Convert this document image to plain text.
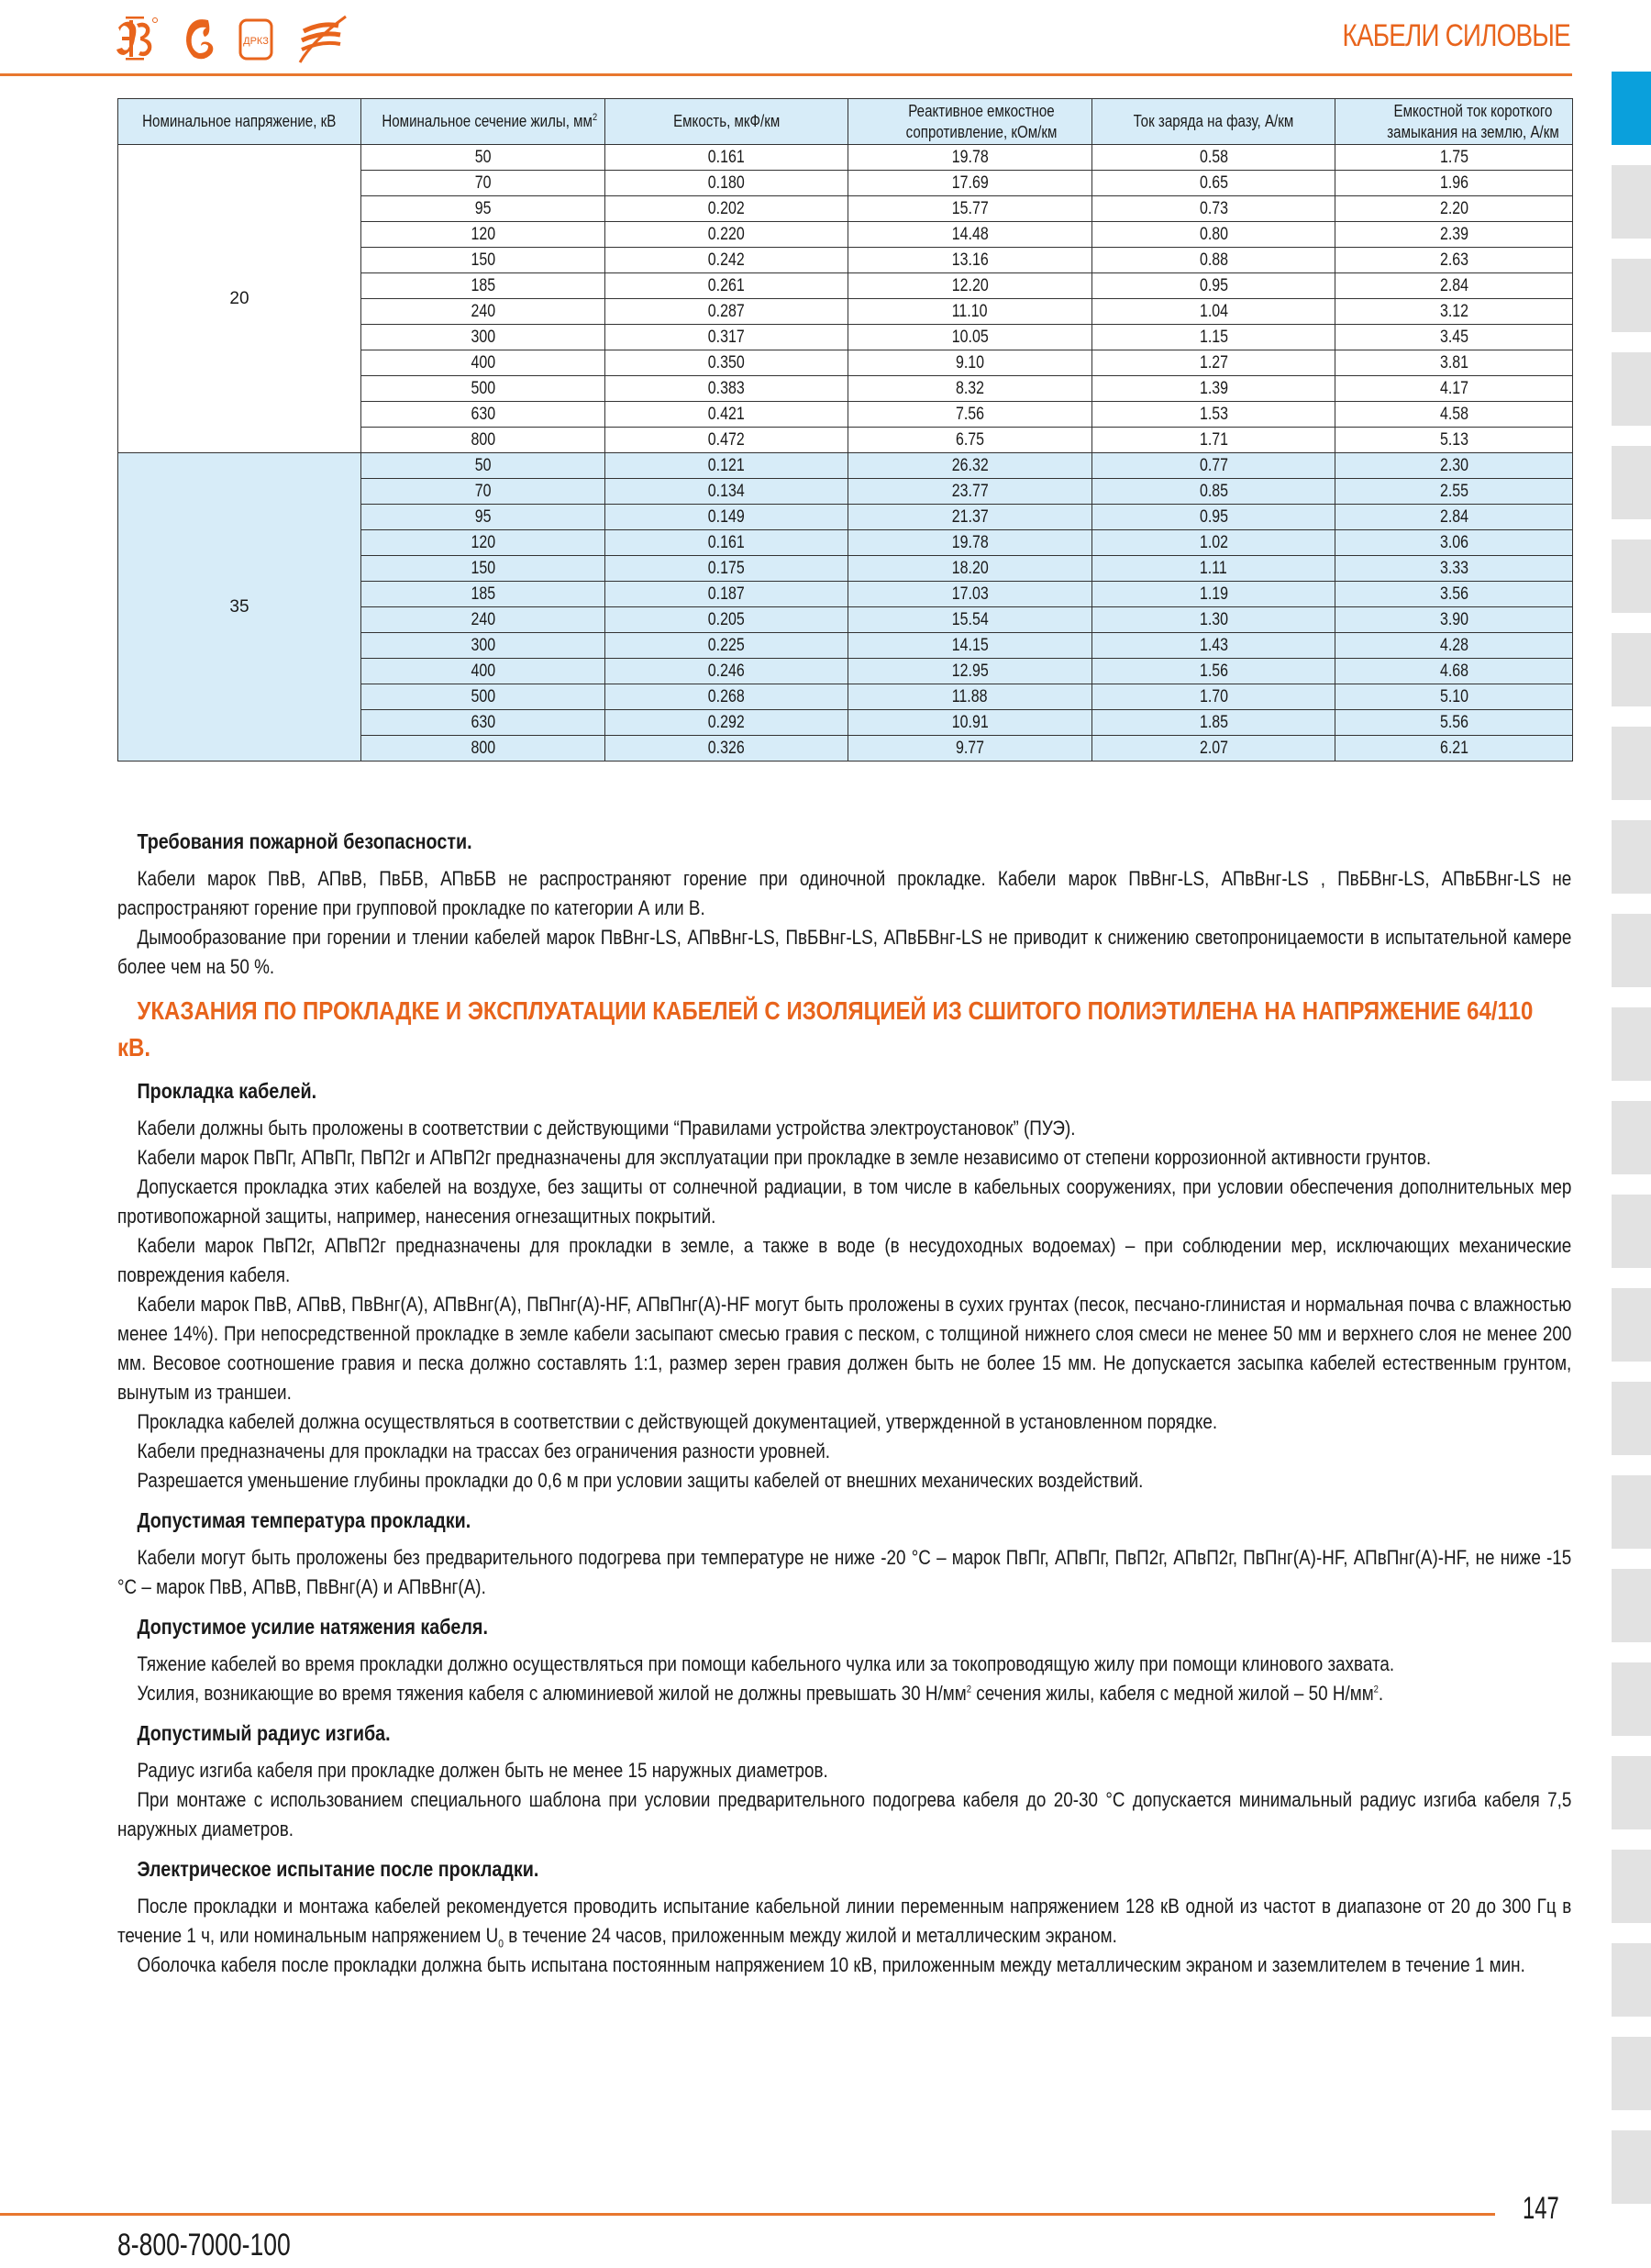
ДРКЗ	КАБЕЛИ СИЛОВЫЕ
Номинальное напряжение, кВ	Номинальное сечение жилы, $мм^2$	Емкость, мкФ/км	Реактивное емкостное сопротивление, кОм/км	Ток заряда на фазу, А/км	Емкостной ток короткого замыкания на землю, А/км
20	50	0.161	19.78	0.58	1.75
	70	0.180	17.69	0.65	1.96
	95	0.202	15.77	0.73	2.20
	120	0.220	14.48	0.80	2.39
	150	0.242	13.16	0.88	2.63
	185	0.261	12.20	0.95	2.84
	240	0.287	11.10	1.04	3.12
	300	0.317	10.05	1.15	3.45
	400	0.350	9.10	1.27	3.81
	500	0.383	8.32	1.39	4.17
	630	0.421	7.56	1.53	4.58
	800	0.472	6.75	1.71	5.13
35	50	0.121	26.32	0.77	2.30
	70	0.134	23.77	0.85	2.55
	95	0.149	21.37	0.95	2.84
	120	0.161	19.78	1.02	3.06
	150	0.175	18.20	1.11	3.33
	185	0.187	17.03	1.19	3.56
	240	0.205	15.54	1.30	3.90
	300	0.225	14.15	1.43	4.28
	400	0.246	12.95	1.56	4.68
	500	0.268	11.88	1.70	5.10
	630	0.292	10.91	1.85	5.56
	800	0.326	9.77	2.07	6.21

Требования пожарной безопасности.

Кабели марок ПвВ, АПвВ, ПвБВ, АПвБВ не распространяют горение при одиночной прокладке. Кабели марок ПвВнг-LS, АПвВнг-LS , ПвБВнг-LS, АПвБВнг-LS не распространяют горение при групповой прокладке по категории А или В.

Дымообразование при горении и тлении кабелей марок ПвВнг-LS, АПвВнг-LS, ПвБВнг-LS, АПвБВнг-LS не приводит к снижению светопроницаемости в испытательной камере более чем на 50 %.

УКАЗАНИЯ ПО ПРОКЛАДКЕ И ЭКСПЛУАТАЦИИ КАБЕЛЕЙ С ИЗОЛЯЦИЕЙ ИЗ СШИТОГО ПОЛИЭТИЛЕНА НА НАПРЯЖЕНИЕ 64/110 кВ.

Прокладка кабелей.

Кабели должны быть проложены в соответствии с действующими “Правилами устройства электроустановок” (ПУЭ).

Кабели марок ПвПг, АПвПг, ПвП2г и АПвП2г предназначены для эксплуатации при прокладке в земле независимо от степени коррозионной активности грунтов.

Допускается прокладка этих кабелей на воздухе, без защиты от солнечной радиации, в том числе в кабельных сооружениях, при условии обеспечения дополнительных мер противопожарной защиты, например, нанесения огнезащитных покрытий.

Кабели марок ПвП2г, АПвП2г предназначены для прокладки в земле, а также в воде (в несудоходных водоемах) – при соблюдении мер, исключающих механические повреждения кабеля.

Кабели марок ПвВ, АПвВ, ПвВнг(А), АПвВнг(А), ПвПнг(А)-HF, АПвПнг(А)-HF могут быть проложены в сухих грунтах (песок, песчано-глинистая и нормальная почва с влажностью менее 14%). При непосредственной прокладке в земле кабели засыпают смесью гравия с песком, с толщиной нижнего слоя смеси не менее 50 мм и верхнего слоя не менее 200 мм. Весовое соотношение гравия и песка должно составлять 1:1, размер зерен гравия должен быть не более 15 мм. Не допускается засыпка кабелей естественным грунтом, вынутым из траншеи.

Прокладка кабелей должна осуществляться в соответствии с действующей документацией, утвержденной в установленном порядке.

Кабели предназначены для прокладки на трассах без ограничения разности уровней.

Разрешается уменьшение глубины прокладки до 0,6 м при условии защиты кабелей от внешних механических воздействий.

Допустимая температура прокладки.

Кабели могут быть проложены без предварительного подогрева при температуре не ниже -20 °С – марок ПвПг, АПвПг, ПвП2г, АПвП2г, ПвПнг(А)-HF, АПвПнг(А)-HF, не ниже -15 °С – марок ПвВ, АПвВ, ПвВнг(А) и АПвВнг(А).

Допустимое усилие натяжения кабеля.

Тяжение кабелей во время прокладки должно осуществляться при помощи кабельного чулка или за токопроводящую жилу при помощи клинового захвата.

Усилия, возникающие во время тяжения кабеля с алюминиевой жилой не должны превышать 30 $Н/мм^2$ сечения жилы, кабеля с медной жилой – 50 $Н/мм^2$.

Допустимый радиус изгиба.

Радиус изгиба кабеля при прокладке должен быть не менее 15 наружных диаметров.

При монтаже с использованием специального шаблона при условии предварительного подогрева кабеля до 20-30 °С допускается минимальный радиус изгиба кабеля 7,5 наружных диаметров.

Электрическое испытание после прокладки.

После прокладки и монтажа кабелей рекомендуется проводить испытание кабельной линии переменным напряжением 128 кВ одной из частот в диапазоне от 20 до 300 Гц в течение 1 ч, или номинальным напряжением $U_0$ в течение 24 часов, приложенным между жилой и металлическим экраном.

Оболочка кабеля после прокладки должна быть испытана постоянным напряжением 10 кВ, приложенным между металлическим экраном и заземлителем в течение 1 мин.

147
8-800-7000-100
